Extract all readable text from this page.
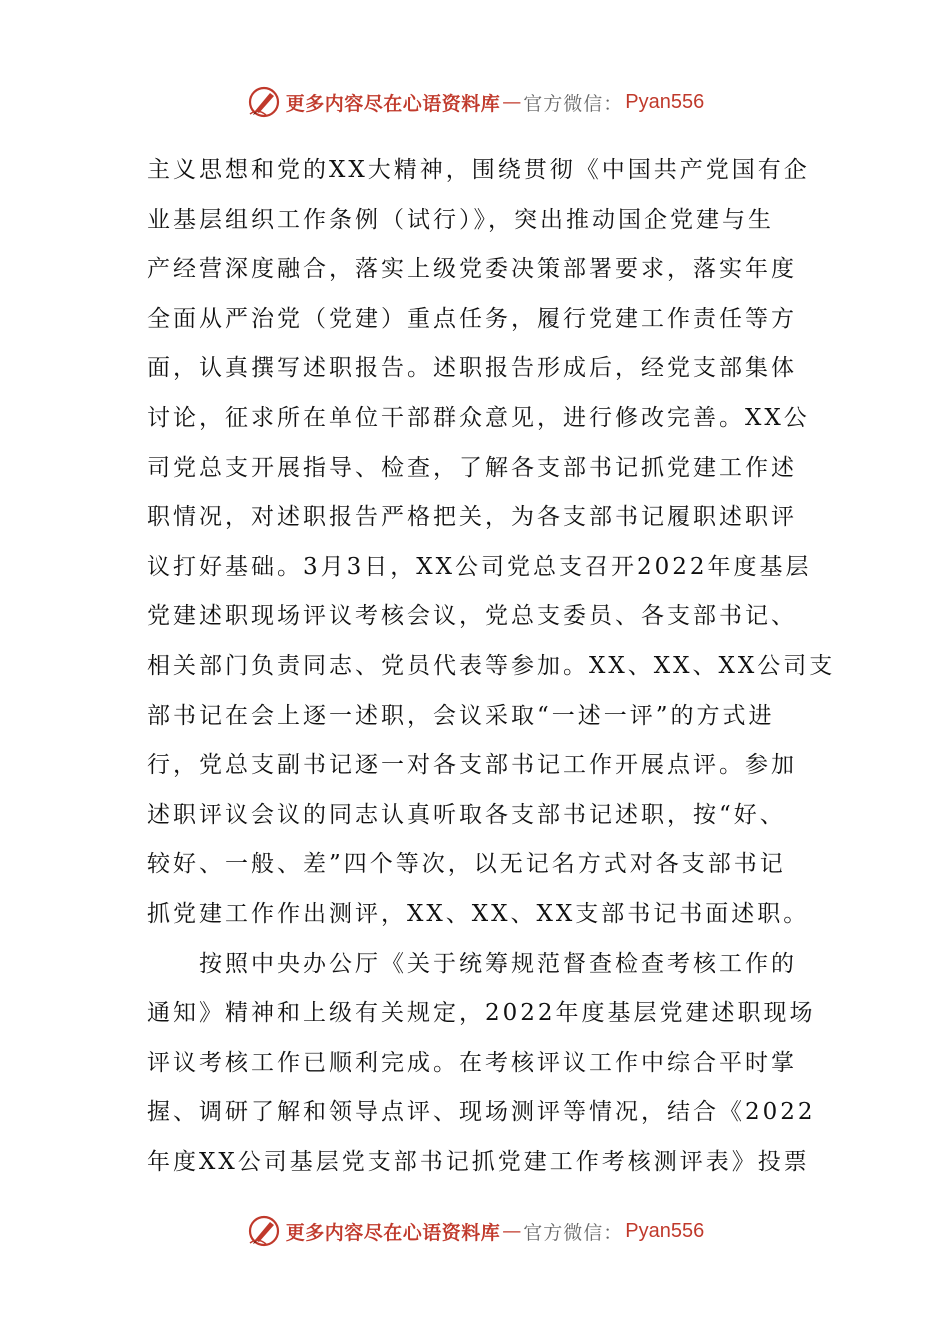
更多内容尽在心语资料库 — 官方微信： Pyan556

主义思想和党的XX大精神，围绕贯彻《中国共产党国有企

业基层组织工作条例（试行）》，突出推动国企党建与生

产经营深度融合，落实上级党委决策部署要求，落实年度

全面从严治党（党建）重点任务，履行党建工作责任等方

面，认真撰写述职报告。述职报告形成后，经党支部集体

讨论，征求所在单位干部群众意见，进行修改完善。XX公

司党总支开展指导、检查，了解各支部书记抓党建工作述

职情况，对述职报告严格把关，为各支部书记履职述职评

议打好基础。3月3日，XX公司党总支召开2022年度基层

党建述职现场评议考核会议，党总支委员、各支部书记、

相关部门负责同志、党员代表等参加。XX、XX、XX公司支

部书记在会上逐一述职，会议采取“一述一评”的方式进

行，党总支副书记逐一对各支部书记工作开展点评。参加

述职评议会议的同志认真听取各支部书记述职，按“好、

较好、一般、差”四个等次，以无记名方式对各支部书记

抓党建工作作出测评，XX、XX、XX支部书记书面述职。

按照中央办公厅《关于统筹规范督查检查考核工作的

通知》精神和上级有关规定，2022年度基层党建述职现场

评议考核工作已顺利完成。在考核评议工作中综合平时掌

握、调研了解和领导点评、现场测评等情况，结合《2022

年度XX公司基层党支部书记抓党建工作考核测评表》投票

更多内容尽在心语资料库 — 官方微信： Pyan556
